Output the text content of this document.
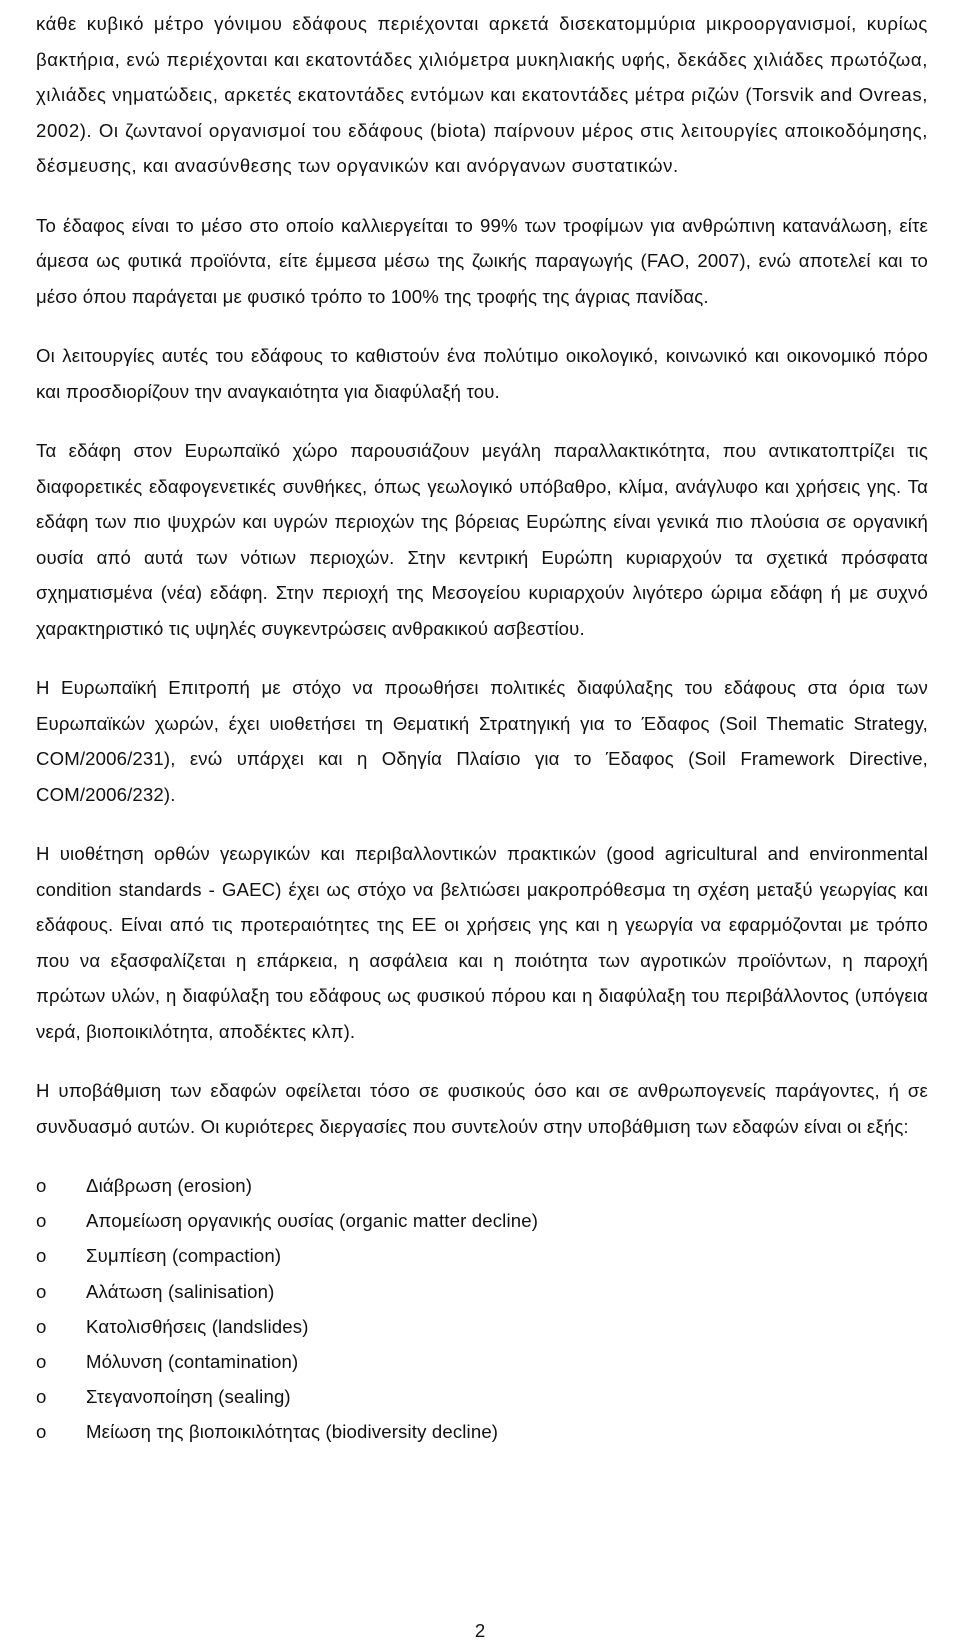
κάθε κυβικό μέτρο γόνιμου εδάφους περιέχονται αρκετά δισεκατομμύρια μικροοργανισμοί, κυρίως βακτήρια, ενώ περιέχονται και εκατοντάδες χιλιόμετρα μυκηλιακής υφής, δεκάδες χιλιάδες πρωτόζωα, χιλιάδες νηματώδεις, αρκετές εκατοντάδες εντόμων και εκατοντάδες μέτρα ριζών (Torsvik and Ovreas, 2002). Οι ζωντανοί οργανισμοί του εδάφους (biota) παίρνουν μέρος στις λειτουργίες αποικοδόμησης, δέσμευσης, και ανασύνθεσης των οργανικών και ανόργανων συστατικών.

Το έδαφος είναι το μέσο στο οποίο καλλιεργείται το 99% των τροφίμων για ανθρώπινη κατανάλωση, είτε άμεσα ως φυτικά προϊόντα, είτε έμμεσα μέσω της ζωικής παραγωγής (FAO, 2007), ενώ αποτελεί και το μέσο όπου παράγεται με φυσικό τρόπο το 100% της τροφής της άγριας πανίδας.

Οι λειτουργίες αυτές του εδάφους το καθιστούν ένα πολύτιμο οικολογικό, κοινωνικό και οικονομικό πόρο και προσδιορίζουν την αναγκαιότητα για διαφύλαξή του.

Τα εδάφη στον Ευρωπαϊκό χώρο παρουσιάζουν μεγάλη παραλλακτικότητα, που αντικατοπτρίζει τις διαφορετικές εδαφογενετικές συνθήκες, όπως γεωλογικό υπόβαθρο, κλίμα, ανάγλυφο και χρήσεις γης. Τα εδάφη των πιο ψυχρών και υγρών περιοχών της βόρειας Ευρώπης είναι γενικά πιο πλούσια σε οργανική ουσία από αυτά των νότιων περιοχών. Στην κεντρική Ευρώπη κυριαρχούν τα σχετικά πρόσφατα σχηματισμένα (νέα) εδάφη. Στην περιοχή της Μεσογείου κυριαρχούν λιγότερο ώριμα εδάφη ή με συχνό χαρακτηριστικό τις υψηλές συγκεντρώσεις ανθρακικού ασβεστίου.

Η Ευρωπαϊκή Επιτροπή με στόχο να προωθήσει πολιτικές διαφύλαξης του εδάφους στα όρια των Ευρωπαϊκών χωρών, έχει υιοθετήσει τη Θεματική Στρατηγική για το Έδαφος (Soil Thematic Strategy, COM/2006/231), ενώ υπάρχει και η Οδηγία Πλαίσιο για το Έδαφος (Soil Framework Directive, COM/2006/232).

Η υιοθέτηση ορθών γεωργικών και περιβαλλοντικών πρακτικών (good agricultural and environmental condition standards - GAEC) έχει ως στόχο να βελτιώσει μακροπρόθεσμα τη σχέση μεταξύ γεωργίας και εδάφους. Είναι από τις προτεραιότητες της ΕΕ οι χρήσεις γης και η γεωργία να εφαρμόζονται με τρόπο που να εξασφαλίζεται η επάρκεια, η ασφάλεια και η ποιότητα των αγροτικών προϊόντων, η παροχή πρώτων υλών, η διαφύλαξη του εδάφους ως φυσικού πόρου και η διαφύλαξη του περιβάλλοντος (υπόγεια νερά, βιοποικιλότητα, αποδέκτες κλπ).

Η υποβάθμιση των εδαφών οφείλεται τόσο σε φυσικούς όσο και σε ανθρωπογενείς παράγοντες, ή σε συνδυασμό αυτών. Οι κυριότερες διεργασίες που συντελούν στην υποβάθμιση των εδαφών είναι οι εξής:

o	Διάβρωση (erosion)
o	Απομείωση οργανικής ουσίας (organic matter decline)
o	Συμπίεση (compaction)
o	Αλάτωση (salinisation)
o	Κατολισθήσεις (landslides)
o	Μόλυνση (contamination)
o	Στεγανοποίηση (sealing)
o	Μείωση της βιοποικιλότητας (biodiversity decline)
2
